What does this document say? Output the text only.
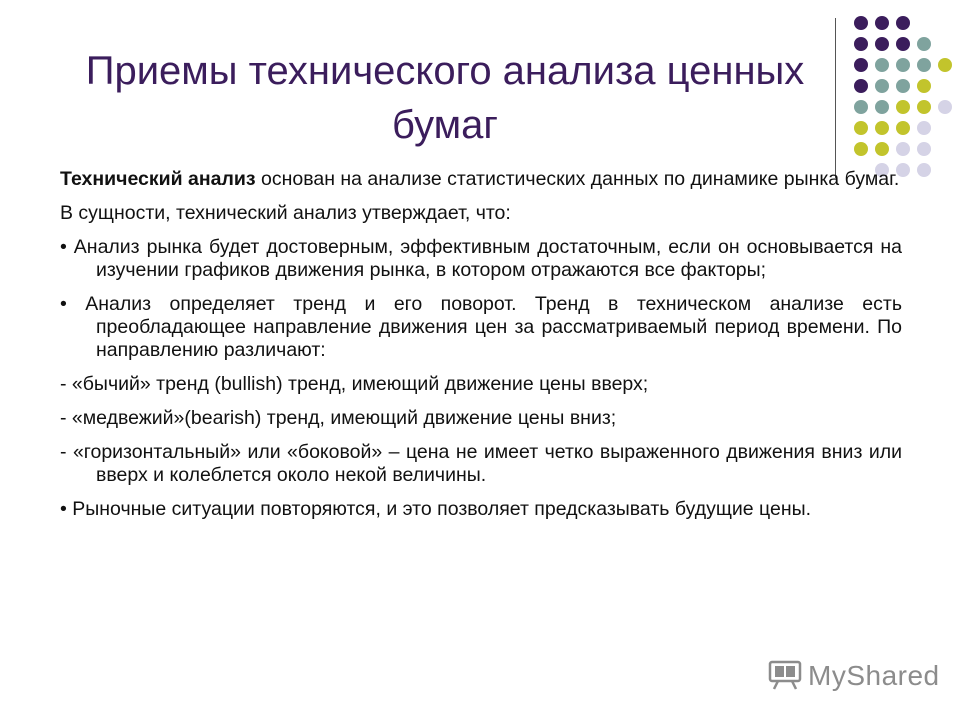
Приемы технического анализа ценных бумаг

Технический анализ основан на анализе статистических данных по динамике рынка бумаг.

В сущности, технический анализ утверждает, что:

• Анализ рынка будет достоверным, эффективным достаточным, если он основывается на изучении графиков движения рынка, в котором отражаются все факторы;

• Анализ определяет тренд и его поворот. Тренд в техническом анализе есть преобладающее направление движения цен за рассматриваемый период времени. По направлению различают:

- «бычий» тренд (bullish) тренд, имеющий движение цены вверх;

- «медвежий»(bearish) тренд, имеющий движение цены вниз;

- «горизонтальный» или «боковой» – цена не имеет четко выраженного движения вниз или вверх и колеблется около некой величины.

• Рыночные ситуации повторяются, и это позволяет предсказывать будущие цены.

MyShared
